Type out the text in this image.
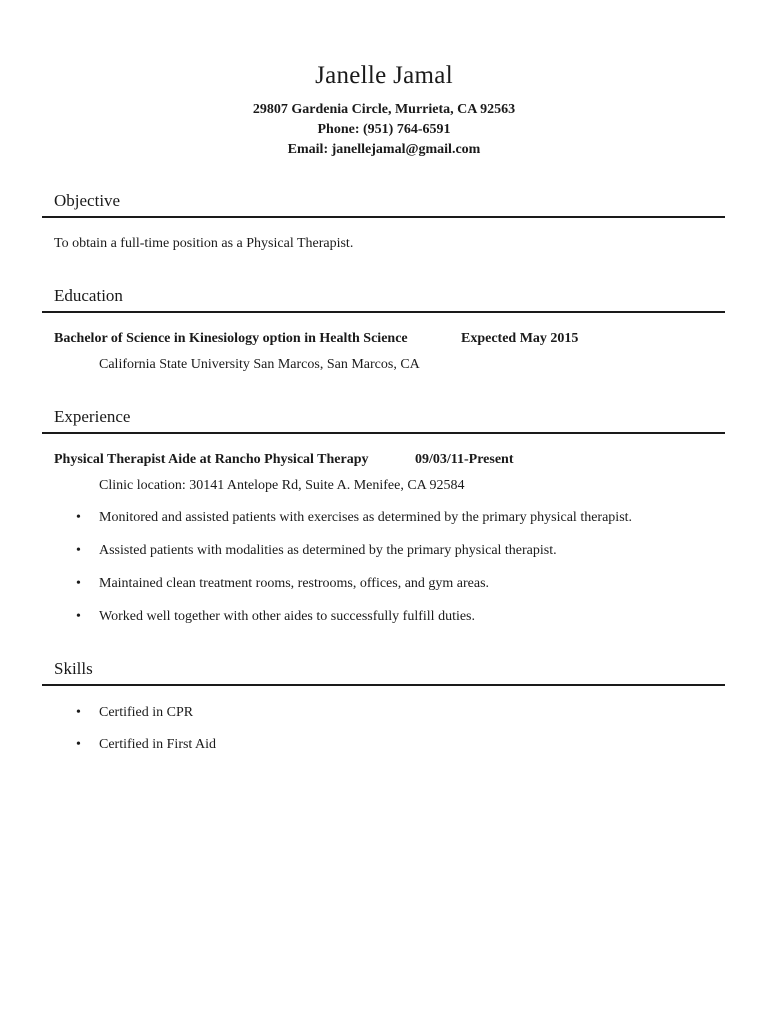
Janelle Jamal
29807 Gardenia Circle, Murrieta, CA 92563
Phone: (951) 764-6591
Email: janellejamal@gmail.com
Objective
To obtain a full-time position as a Physical Therapist.
Education
Bachelor of Science in Kinesiology option in Health Science	Expected May 2015
California State University San Marcos, San Marcos, CA
Experience
Physical Therapist Aide at Rancho Physical Therapy	09/03/11-Present
Clinic location: 30141 Antelope Rd, Suite A. Menifee, CA 92584
• Monitored and assisted patients with exercises as determined by the primary physical therapist.
• Assisted patients with modalities as determined by the primary physical therapist.
• Maintained clean treatment rooms, restrooms, offices, and gym areas.
• Worked well together with other aides to successfully fulfill duties.
Skills
• Certified in CPR
• Certified in First Aid
